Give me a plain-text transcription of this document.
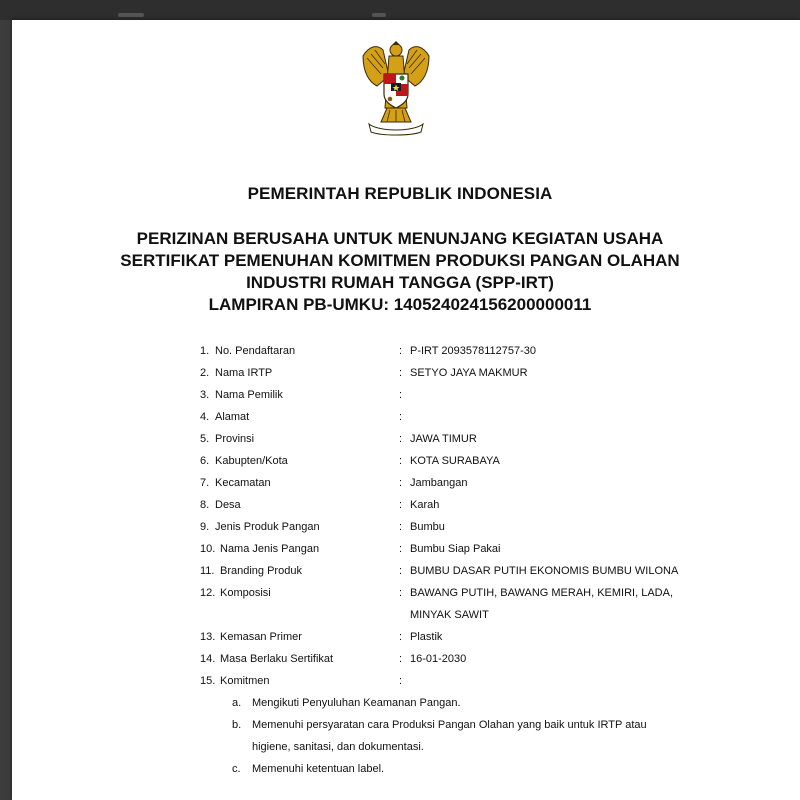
PEMERINTAH REPUBLIK INDONESIA
PERIZINAN BERUSAHA UNTUK MENUNJANG KEGIATAN USAHA
SERTIFIKAT PEMENUHAN KOMITMEN PRODUKSI PANGAN OLAHAN
INDUSTRI RUMAH TANGGA (SPP-IRT)
LAMPIRAN PB-UMKU: 1405240241562000000​11
1. No. Pendaftaran	: P-IRT 2093578112757-30
2. Nama IRTP	: SETYO JAYA MAKMUR
3. Nama Pemilik	:
4. Alamat	:
5. Provinsi	: JAWA TIMUR
6. Kabupten/Kota	: KOTA SURABAYA
7. Kecamatan	: Jambangan
8. Desa	: Karah
9. Jenis Produk Pangan	: Bumbu
10. Nama Jenis Pangan	: Bumbu Siap Pakai
11. Branding Produk	: BUMBU DASAR PUTIH EKONOMIS BUMBU WILONA
12. Komposisi	: BAWANG PUTIH, BAWANG MERAH, KEMIRI, LADA, MINYAK SAWIT
13. Kemasan Primer	: Plastik
14. Masa Berlaku Sertifikat	: 16-01-2030
15. Komitmen	:
a. Mengikuti Penyuluhan Keamanan Pangan.
b. Memenuhi persyaratan cara Produksi Pangan Olahan yang baik untuk IRTP atau
higiene, sanitasi, dan dokumentasi.
c. Memenuhi ketentuan label.
